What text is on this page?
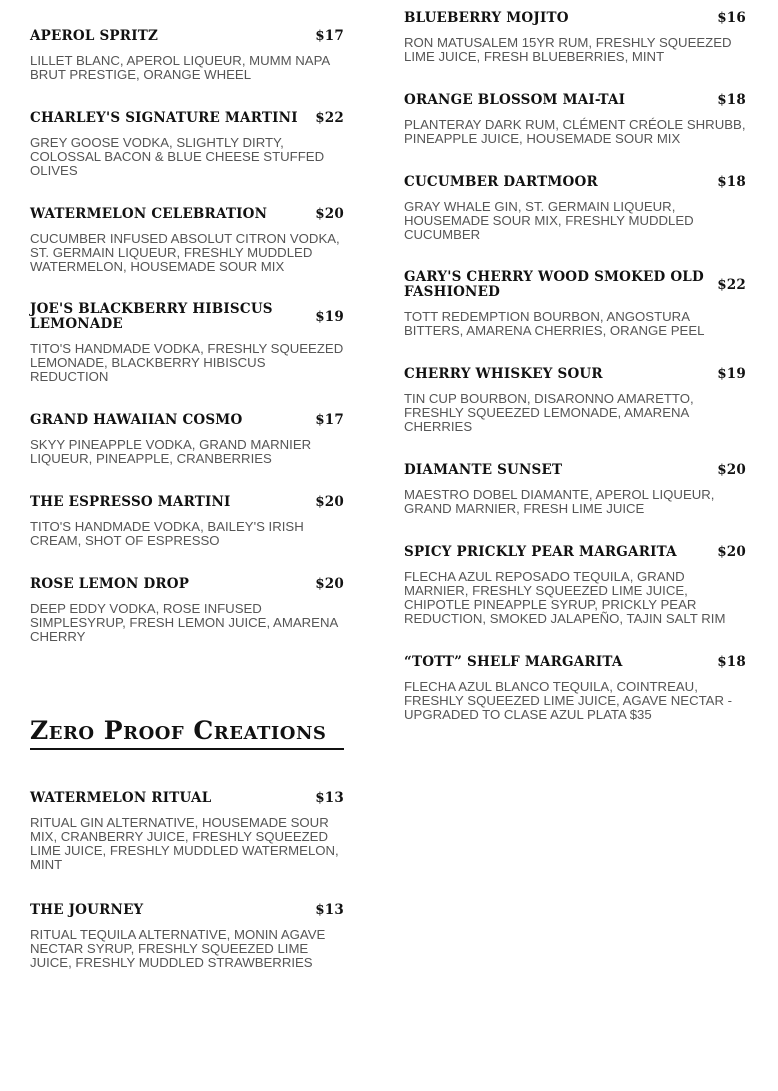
APEROL SPRITZ	$17
LILLET BLANC, APEROL LIQUEUR, MUMM NAPA BRUT PRESTIGE, ORANGE WHEEL
CHARLEY'S SIGNATURE MARTINI	$22
GREY GOOSE VODKA, SLIGHTLY DIRTY, COLOSSAL BACON & BLUE CHEESE STUFFED OLIVES
WATERMELON CELEBRATION	$20
CUCUMBER INFUSED ABSOLUT CITRON VODKA, ST. GERMAIN LIQUEUR, FRESHLY MUDDLED WATERMELON, HOUSEMADE SOUR MIX
JOE'S BLACKBERRY HIBISCUS LEMONADE	$19
TITO'S HANDMADE VODKA, FRESHLY SQUEEZED LEMONADE, BLACKBERRY HIBISCUS REDUCTION
GRAND HAWAIIAN COSMO	$17
SKYY PINEAPPLE VODKA, GRAND MARNIER LIQUEUR, PINEAPPLE, CRANBERRIES
THE ESPRESSO MARTINI	$20
TITO'S HANDMADE VODKA, BAILEY'S IRISH CREAM, SHOT OF ESPRESSO
ROSE LEMON DROP	$20
DEEP EDDY VODKA, ROSE INFUSED SIMPLESYRUP, FRESH LEMON JUICE, AMARENA CHERRY
Zero Proof Creations
WATERMELON RITUAL	$13
RITUAL GIN ALTERNATIVE, HOUSEMADE SOUR MIX, CRANBERRY JUICE, FRESHLY SQUEEZED LIME JUICE, FRESHLY MUDDLED WATERMELON, MINT
THE JOURNEY	$13
RITUAL TEQUILA ALTERNATIVE, MONIN AGAVE NECTAR SYRUP, FRESHLY SQUEEZED LIME JUICE, FRESHLY MUDDLED STRAWBERRIES
BLUEBERRY MOJITO	$16
RON MATUSALEM 15YR RUM, FRESHLY SQUEEZED LIME JUICE, FRESH BLUEBERRIES, MINT
ORANGE BLOSSOM MAI-TAI	$18
PLANTERAY DARK RUM, CLÉMENT CRÉOLE SHRUBB, PINEAPPLE JUICE, HOUSEMADE SOUR MIX
CUCUMBER DARTMOOR	$18
GRAY WHALE GIN, ST. GERMAIN LIQUEUR, HOUSEMADE SOUR MIX, FRESHLY MUDDLED CUCUMBER
GARY'S CHERRY WOOD SMOKED OLD FASHIONED	$22
TOTT REDEMPTION BOURBON, ANGOSTURA BITTERS, AMARENA CHERRIES, ORANGE PEEL
CHERRY WHISKEY SOUR	$19
TIN CUP BOURBON, DISARONNO AMARETTO, FRESHLY SQUEEZED LEMONADE, AMARENA CHERRIES
DIAMANTE SUNSET	$20
MAESTRO DOBEL DIAMANTE, APEROL LIQUEUR, GRAND MARNIER, FRESH LIME JUICE
SPICY PRICKLY PEAR MARGARITA	$20
FLECHA AZUL REPOSADO TEQUILA, GRAND MARNIER, FRESHLY SQUEEZED LIME JUICE, CHIPOTLE PINEAPPLE SYRUP, PRICKLY PEAR REDUCTION, SMOKED JALAPEÑO, TAJIN SALT RIM
“TOTT” SHELF MARGARITA	$18
FLECHA AZUL BLANCO TEQUILA, COINTREAU, FRESHLY SQUEEZED LIME JUICE, AGAVE NECTAR - UPGRADED TO CLASE AZUL PLATA $35
